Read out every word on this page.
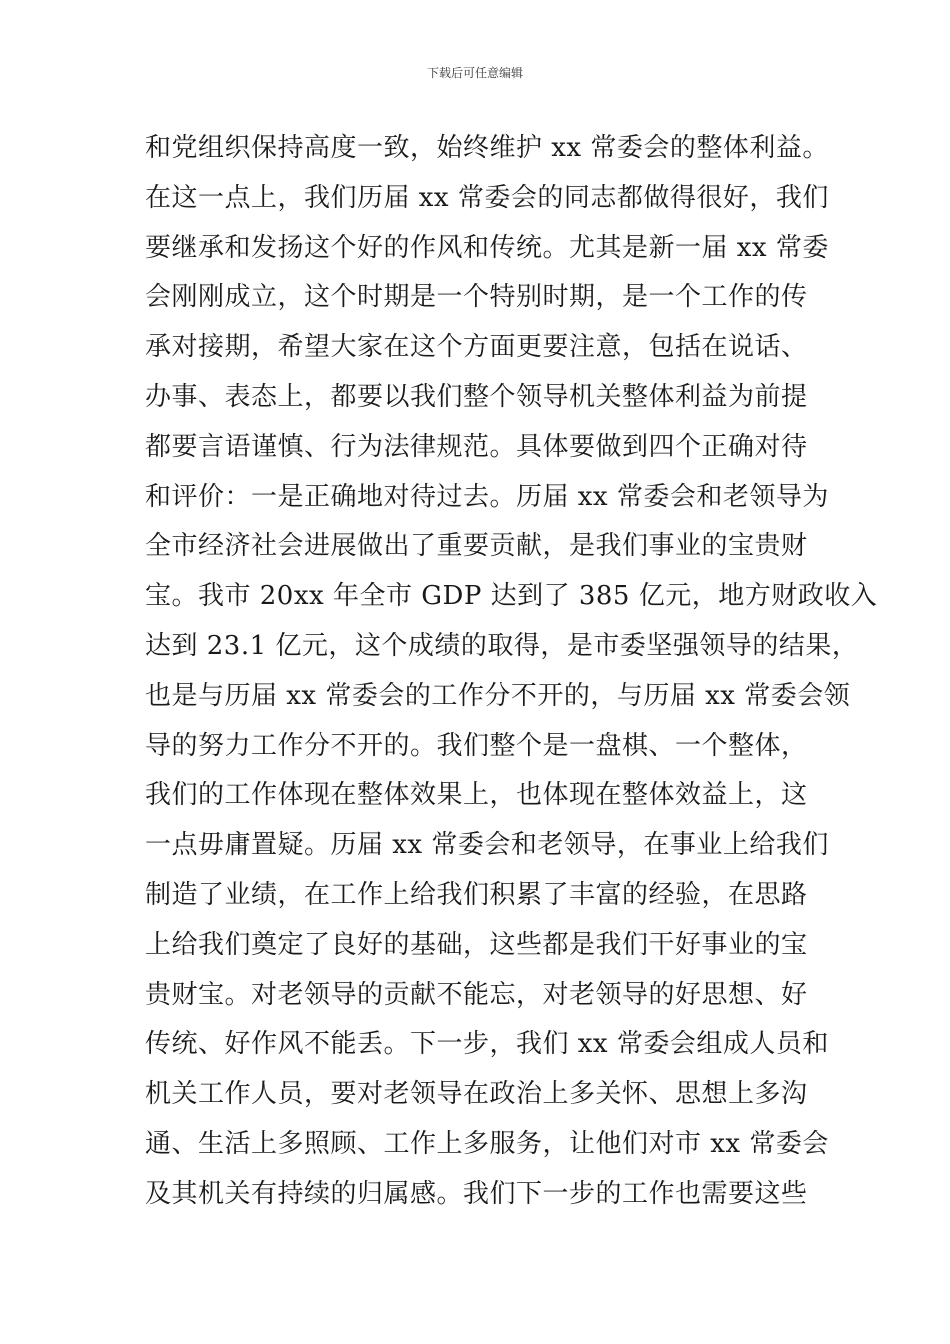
下载后可任意编辑
和党组织保持高度一致，始终维护 xx 常委会的整体利益。
在这一点上，我们历届 xx 常委会的同志都做得很好，我们
要继承和发扬这个好的作风和传统。尤其是新一届 xx 常委
会刚刚成立，这个时期是一个特别时期，是一个工作的传
承对接期，希望大家在这个方面更要注意，包括在说话、
办事、表态上，都要以我们整个领导机关整体利益为前提
都要言语谨慎、行为法律规范。具体要做到四个正确对待
和评价：一是正确地对待过去。历届 xx 常委会和老领导为
全市经济社会进展做出了重要贡献，是我们事业的宝贵财
宝。我市 20xx 年全市 GDP 达到了 385 亿元，地方财政收入
达到 23.1 亿元，这个成绩的取得，是市委坚强领导的结果，
也是与历届 xx 常委会的工作分不开的，与历届 xx 常委会领
导的努力工作分不开的。我们整个是一盘棋、一个整体，
我们的工作体现在整体效果上，也体现在整体效益上，这
一点毋庸置疑。历届 xx 常委会和老领导，在事业上给我们
制造了业绩，在工作上给我们积累了丰富的经验，在思路
上给我们奠定了良好的基础，这些都是我们干好事业的宝
贵财宝。对老领导的贡献不能忘，对老领导的好思想、好
传统、好作风不能丢。下一步，我们 xx 常委会组成人员和
机关工作人员，要对老领导在政治上多关怀、思想上多沟
通、生活上多照顾、工作上多服务，让他们对市 xx 常委会
及其机关有持续的归属感。我们下一步的工作也需要这些
